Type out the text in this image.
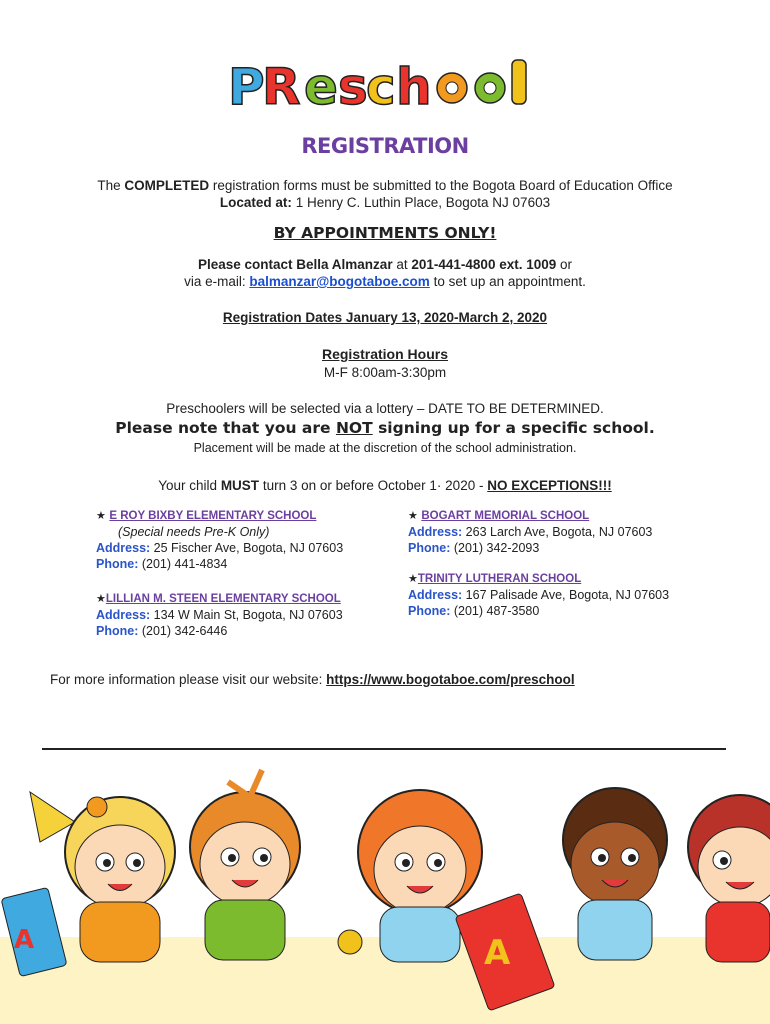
P
R e s
c h
REGISTRATION
The COMPLETED registration forms must be submitted to the Bogota Board of Education Office
Located at: 1 Henry C. Luthin Place, Bogota NJ 07603
BY APPOINTMENTS ONLY!
Please contact Bella Almanzar at 201-441-4800 ext. 1009 or
via e-mail: balmanzar@bogotaboe.com to set up an appointment.
Registration Dates January 13, 2020-March 2, 2020
Registration Hours
M-F 8:00am-3:30pm
Preschoolers will be selected via a lottery – DATE TO BE DETERMINED.
Please note that you are NOT signing up for a specific school.
Placement will be made at the discretion of the school administration.
Your child MUST turn 3 on or before October 1· 2020 - NO EXCEPTIONS!!!
★ E ROY BIXBY ELEMENTARY SCHOOL
(Special needs Pre-K Only)
Address: 25 Fischer Ave, Bogota, NJ 07603
Phone: (201) 441-4834
★LILLIAN M. STEEN ELEMENTARY SCHOOL
Address: 134 W Main St, Bogota, NJ 07603
Phone: (201) 342-6446
★ BOGART MEMORIAL SCHOOL
Address: 263 Larch Ave, Bogota, NJ 07603
Phone: (201) 342-2093
★TRINITY LUTHERAN SCHOOL
Address: 167 Palisade Ave, Bogota, NJ 07603
Phone: (201) 487-3580
For more information please visit our website: https://www.bogotaboe.com/preschool
A	A
